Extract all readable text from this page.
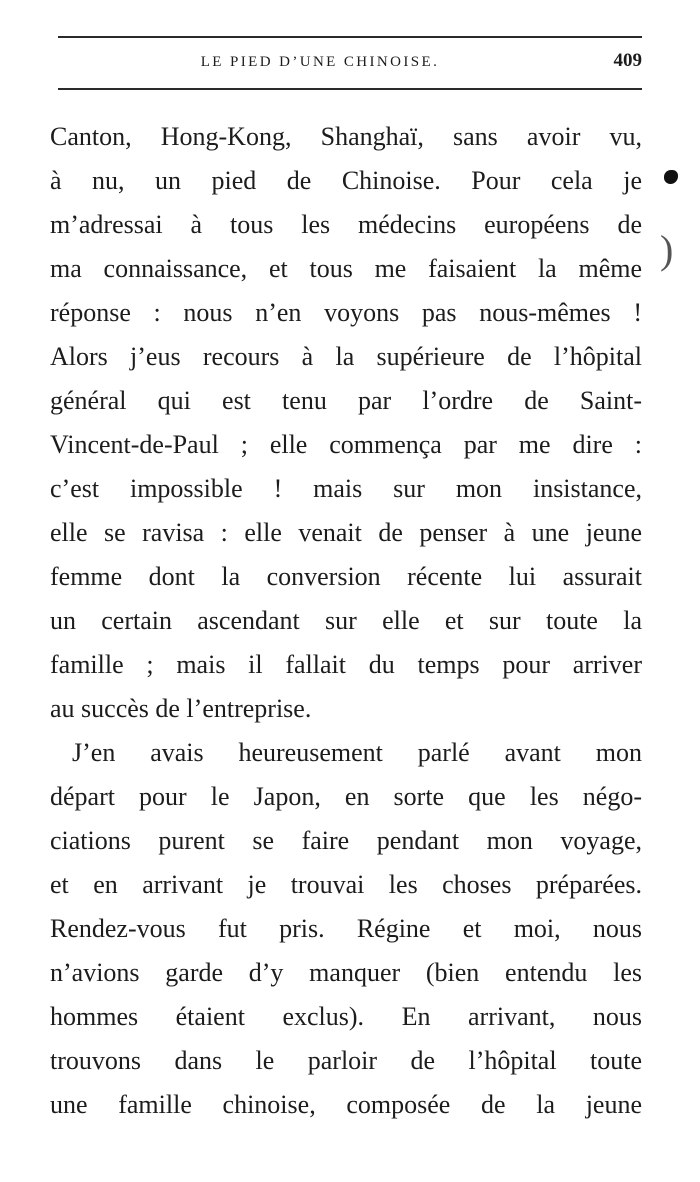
LE PIED D’UNE CHINOISE.	409
)
Canton, Hong-Kong, Shanghaï, sans avoir vu,
à nu, un pied de Chinoise. Pour cela je
m’adressai à tous les médecins européens de
ma connaissance, et tous me faisaient la même
réponse : nous n’en voyons pas nous-mêmes !
Alors j’eus recours à la supérieure de l’hôpital
général qui est tenu par l’ordre de Saint-
Vincent-de-Paul ; elle commença par me dire :
c’est impossible ! mais sur mon insistance,
elle se ravisa : elle venait de penser à une jeune
femme dont la conversion récente lui assurait
un certain ascendant sur elle et sur toute la
famille ; mais il fallait du temps pour arriver
au succès de l’entreprise.
J’en avais heureusement parlé avant mon
départ pour le Japon, en sorte que les négo-
ciations purent se faire pendant mon voyage,
et en arrivant je trouvai les choses préparées.
Rendez-vous fut pris. Régine et moi, nous
n’avions garde d’y manquer (bien entendu les
hommes étaient exclus). En arrivant, nous
trouvons dans le parloir de l’hôpital toute
une famille chinoise, composée de la jeune
